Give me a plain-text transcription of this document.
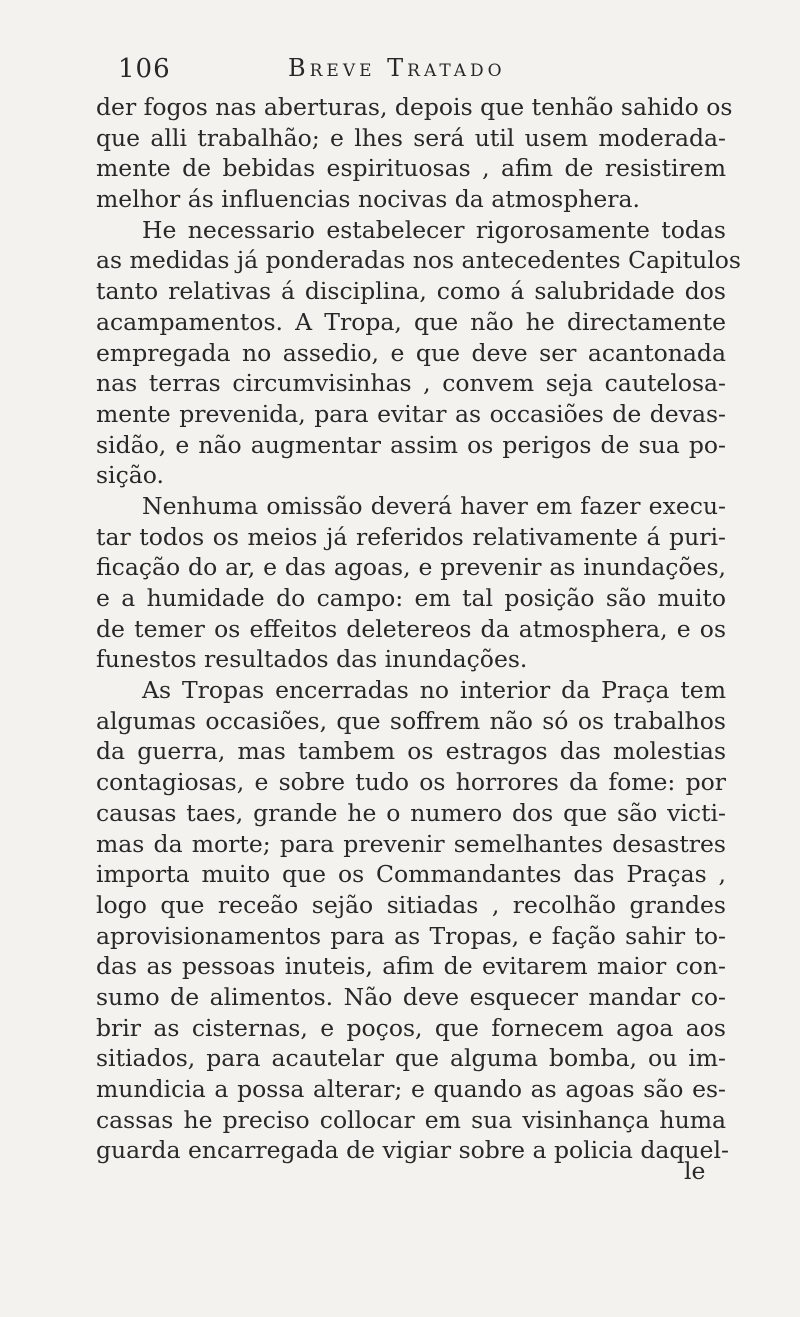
106	Breve Tratado
der fogos nas aberturas, depois que tenhão sahido os
que alli trabalhão; e lhes será util usem moderada-
mente de bebidas espirituosas , afim de resistirem
melhor ás influencias nocivas da atmosphera.
He necessario estabelecer rigorosamente todas
as medidas já ponderadas nos antecedentes Capitulos
tanto relativas á disciplina, como á salubridade dos
acampamentos. A Tropa, que não he directamente
empregada no assedio, e que deve ser acantonada
nas terras circumvisinhas , convem seja cautelosa-
mente prevenida, para evitar as occasiões de devas-
sidão, e não augmentar assim os perigos de sua po-
sição.
Nenhuma omissão deverá haver em fazer execu-
tar todos os meios já referidos relativamente á puri-
ficação do ar, e das agoas, e prevenir as inundações,
e a humidade do campo: em tal posição são muito
de temer os effeitos deletereos da atmosphera, e os
funestos resultados das inundações.
As Tropas encerradas no interior da Praça tem
algumas occasiões, que soffrem não só os trabalhos
da guerra, mas tambem os estragos das molestias
contagiosas, e sobre tudo os horrores da fome: por
causas taes, grande he o numero dos que são victi-
mas da morte; para prevenir semelhantes desastres
importa muito que os Commandantes das Praças ,
logo que receão sejão sitiadas , recolhão grandes
aprovisionamentos para as Tropas, e fação sahir to-
das as pessoas inuteis, afim de evitarem maior con-
sumo de alimentos. Não deve esquecer mandar co-
brir as cisternas, e poços, que fornecem agoa aos
sitiados, para acautelar que alguma bomba, ou im-
mundicia a possa alterar; e quando as agoas são es-
cassas he preciso collocar em sua visinhança huma
guarda encarregada de vigiar sobre a policia daquel-
le
